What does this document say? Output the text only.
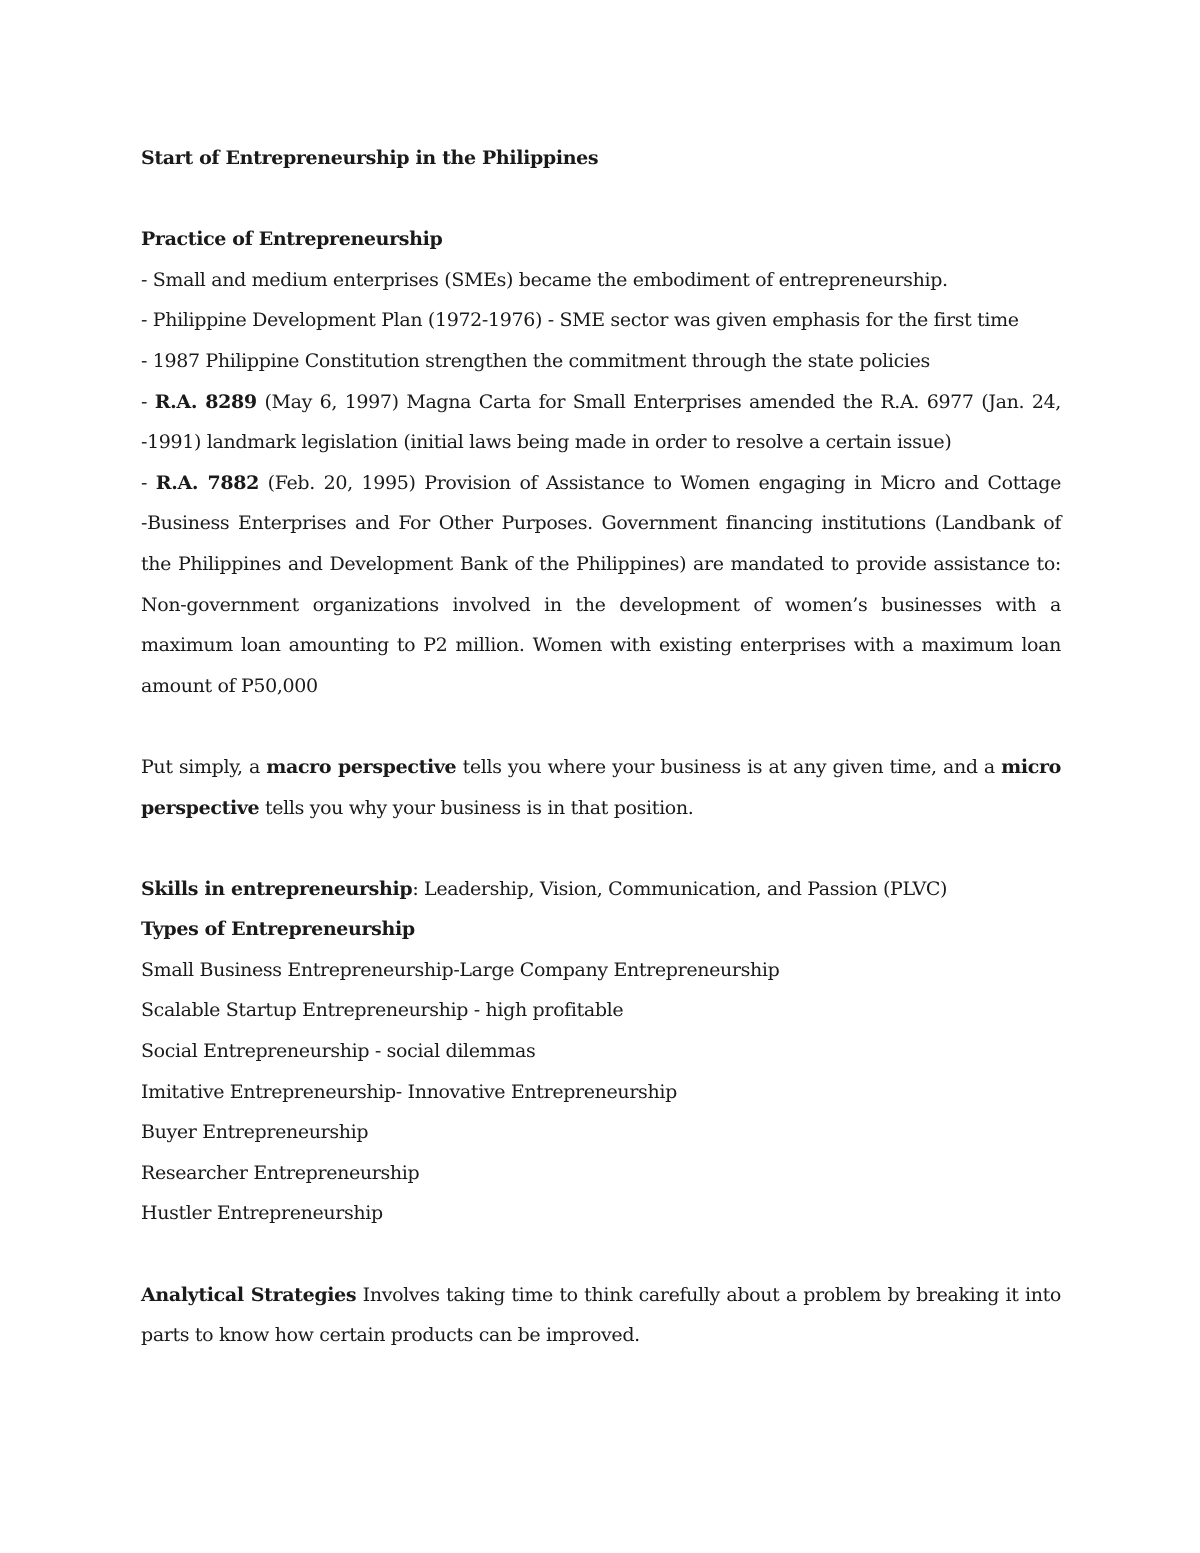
Start of Entrepreneurship in the Philippines
Practice of Entrepreneurship
- Small and medium enterprises (SMEs) became the embodiment of entrepreneurship.
- Philippine Development Plan (1972-1976) - SME sector was given emphasis for the first time
- 1987 Philippine Constitution strengthen the commitment through the state policies
- R.A. 8289 (May 6, 1997) Magna Carta for Small Enterprises amended the R.A. 6977 (Jan. 24,
-1991) landmark legislation (initial laws being made in order to resolve a certain issue)
- R.A. 7882 (Feb. 20, 1995) Provision of Assistance to Women engaging in Micro and Cottage
-Business Enterprises and For Other Purposes. Government financing institutions (Landbank of
the Philippines and Development Bank of the Philippines) are mandated to provide assistance to:
Non-government organizations involved in the development of women’s businesses with a
maximum loan amounting to P2 million. Women with existing enterprises with a maximum loan
amount of P50,000
Put simply, a macro perspective tells you where your business is at any given time, and a micro
perspective tells you why your business is in that position.
Skills in entrepreneurship: Leadership, Vision, Communication, and Passion (PLVC)
Types of Entrepreneurship
Small Business Entrepreneurship-Large Company Entrepreneurship
Scalable Startup Entrepreneurship - high profitable
Social Entrepreneurship - social dilemmas
Imitative Entrepreneurship- Innovative Entrepreneurship
Buyer Entrepreneurship
Researcher Entrepreneurship
Hustler Entrepreneurship
Analytical Strategies Involves taking time to think carefully about a problem by breaking it into
parts to know how certain products can be improved.
